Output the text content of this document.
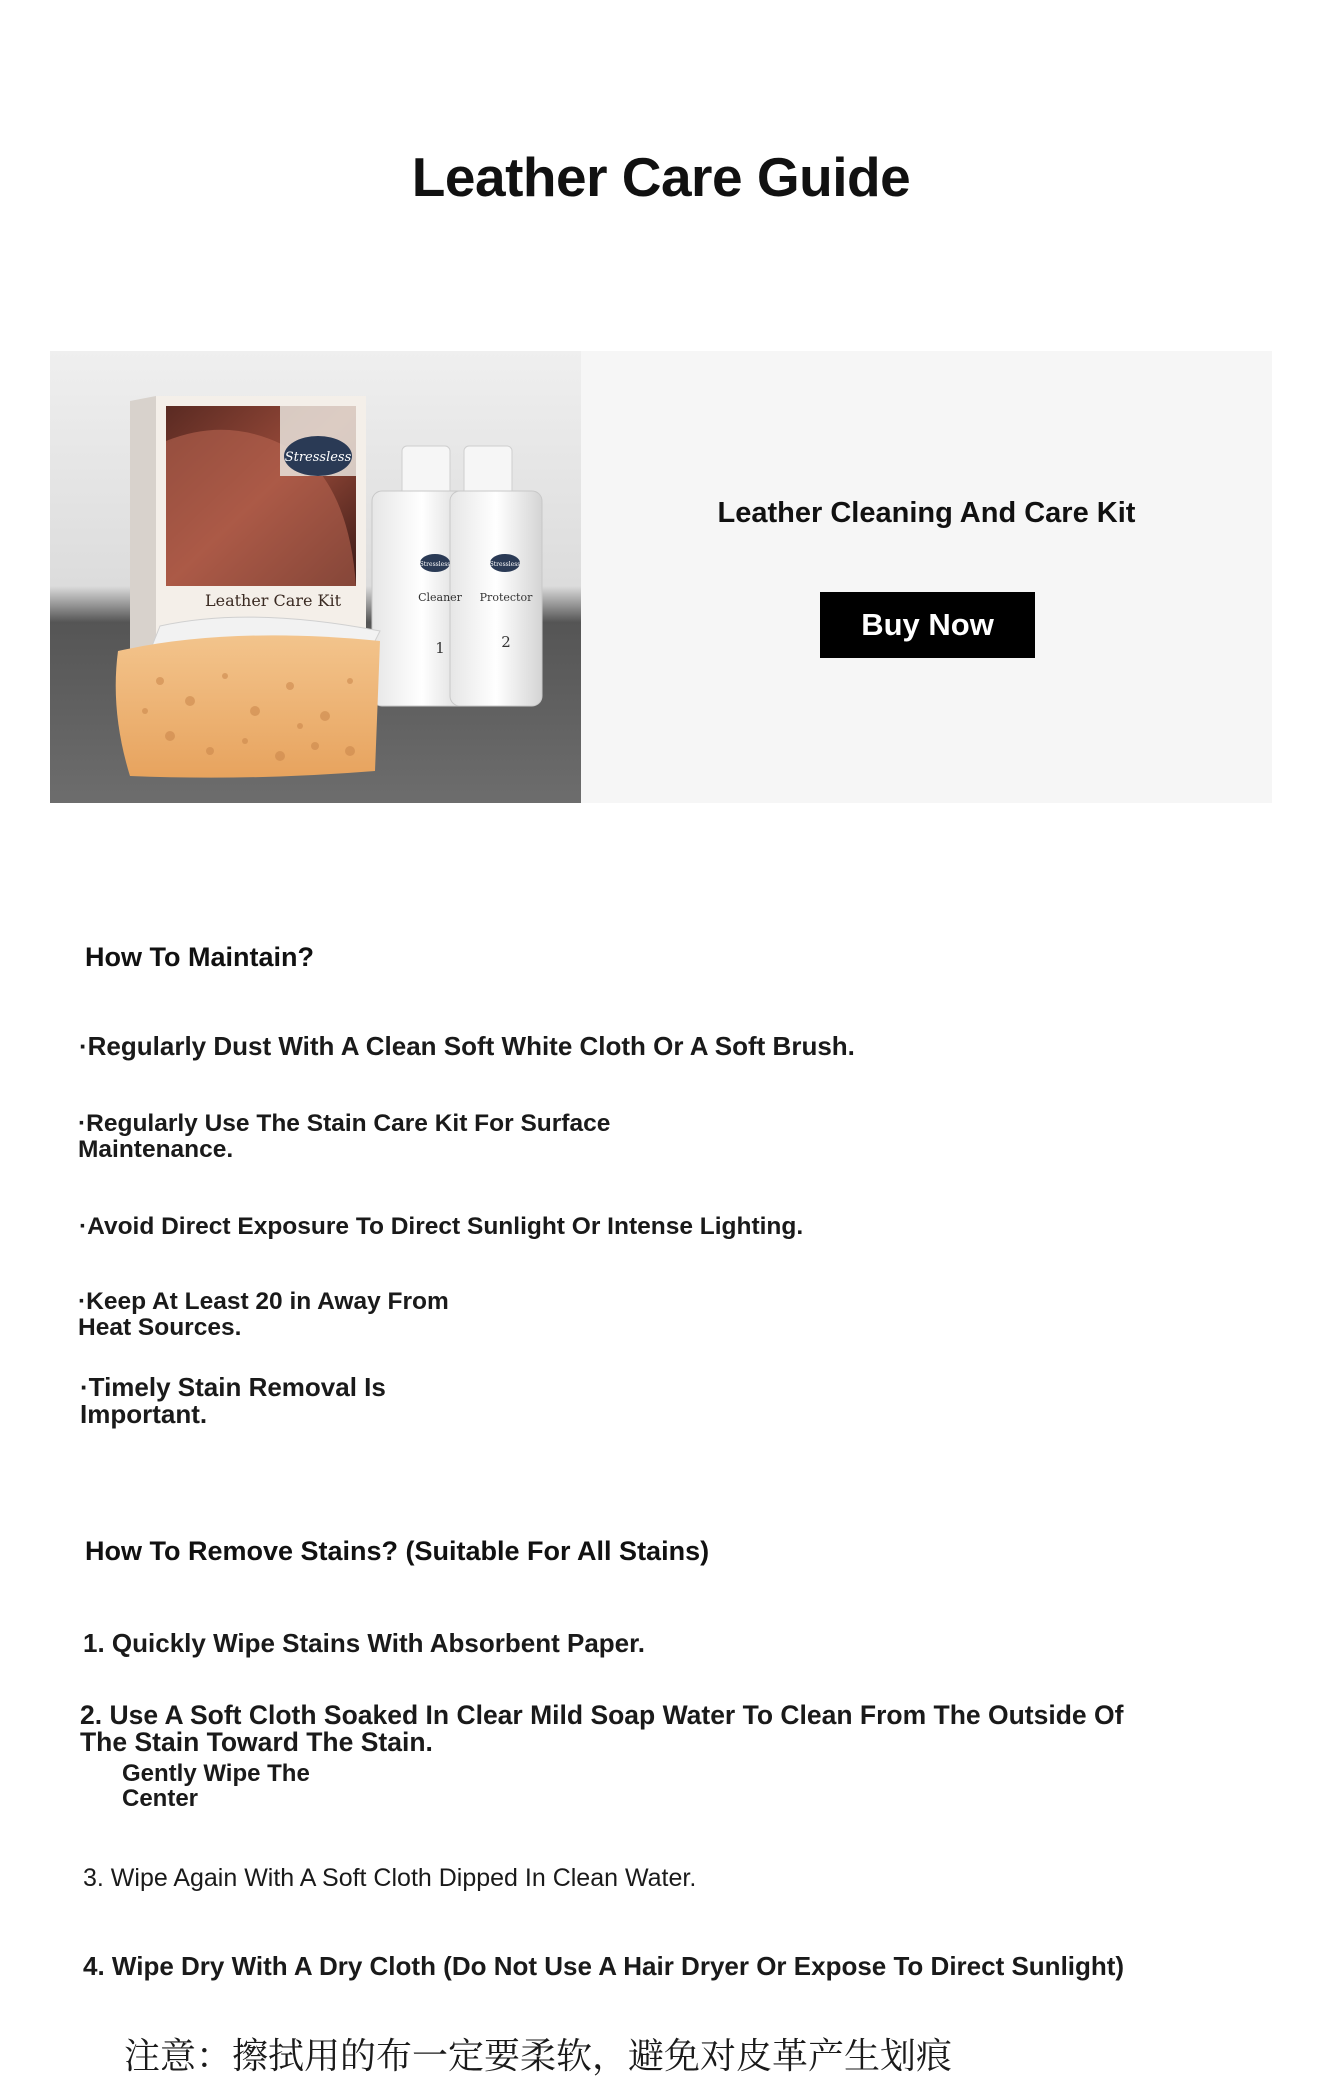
Leather Care Guide
Stressless
Leather Care Kit
Stressless	Stressless
Cleaner Protector
1	2
Leather Cleaning And Care Kit
Buy Now
How To Maintain?
·Regularly Dust With A Clean Soft White Cloth Or A Soft Brush.
·Regularly Use The Stain Care Kit For Surface
Maintenance.
·Avoid Direct Exposure To Direct Sunlight Or Intense Lighting.
·Keep At Least 20 in Away From
Heat Sources.
·Timely Stain Removal Is
Important.
How To Remove Stains? (Suitable For All Stains)
1. Quickly Wipe Stains With Absorbent Paper.
2. Use A Soft Cloth Soaked In Clear Mild Soap Water To Clean From The Outside Of
The Stain Toward The Stain.
Gently Wipe The
Center
3. Wipe Again With A Soft Cloth Dipped In Clean Water.
4. Wipe Dry With A Dry Cloth (Do Not Use A Hair Dryer Or Expose To Direct Sunlight)
注意：擦拭用的布一定要柔软，避免对皮革产生划痕
